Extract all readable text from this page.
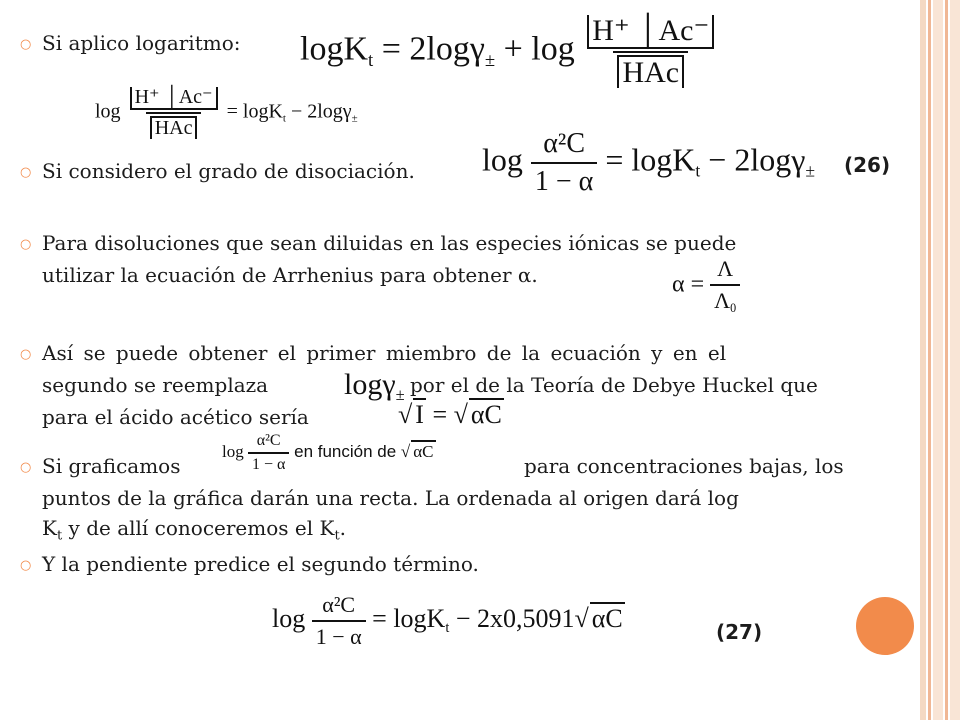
○ Si aplico logaritmo: $\log K_t = 2\log\gamma_\pm + \log \frac{H^+ │Ac^-}{\text{HAc}}$
$\log \frac{H^+ │Ac^-}{\text{HAc}} = \log K_t - 2\log\gamma_\pm$
○ Si considero el grado de disociación. $\log \frac{\text{α²C}}{1 - \alpha} = \log K_t - 2\log\gamma_\pm$ (26)
○ Para disoluciones que sean diluidas en las especies iónicas se puede
utilizar la ecuación de Arrhenius para obtener α.	$\alpha = \frac{\Lambda}{\Lambda_0}$
○ Así se puede obtener el primer miembro de la ecuación y en el
segundo se reemplaza	logγ$_\pm$ por el de la Teoría de Debye Huckel que
para el ácido acético sería	√ I = √ αC
○ Si graficamos
$\log \frac{\text{α²C}}{1 - \alpha}$ en función de √ αC
para concentraciones bajas, los
puntos de la gráfica darán una recta. La ordenada al origen dará log
$K_t$ y de allí conoceremos el $K_t$.
○ Y la pendiente predice el segundo término.
$\log \frac{\text{α²C}}{1 - \alpha} = \log K_t - 2x0,5091√$ αC	(27)
